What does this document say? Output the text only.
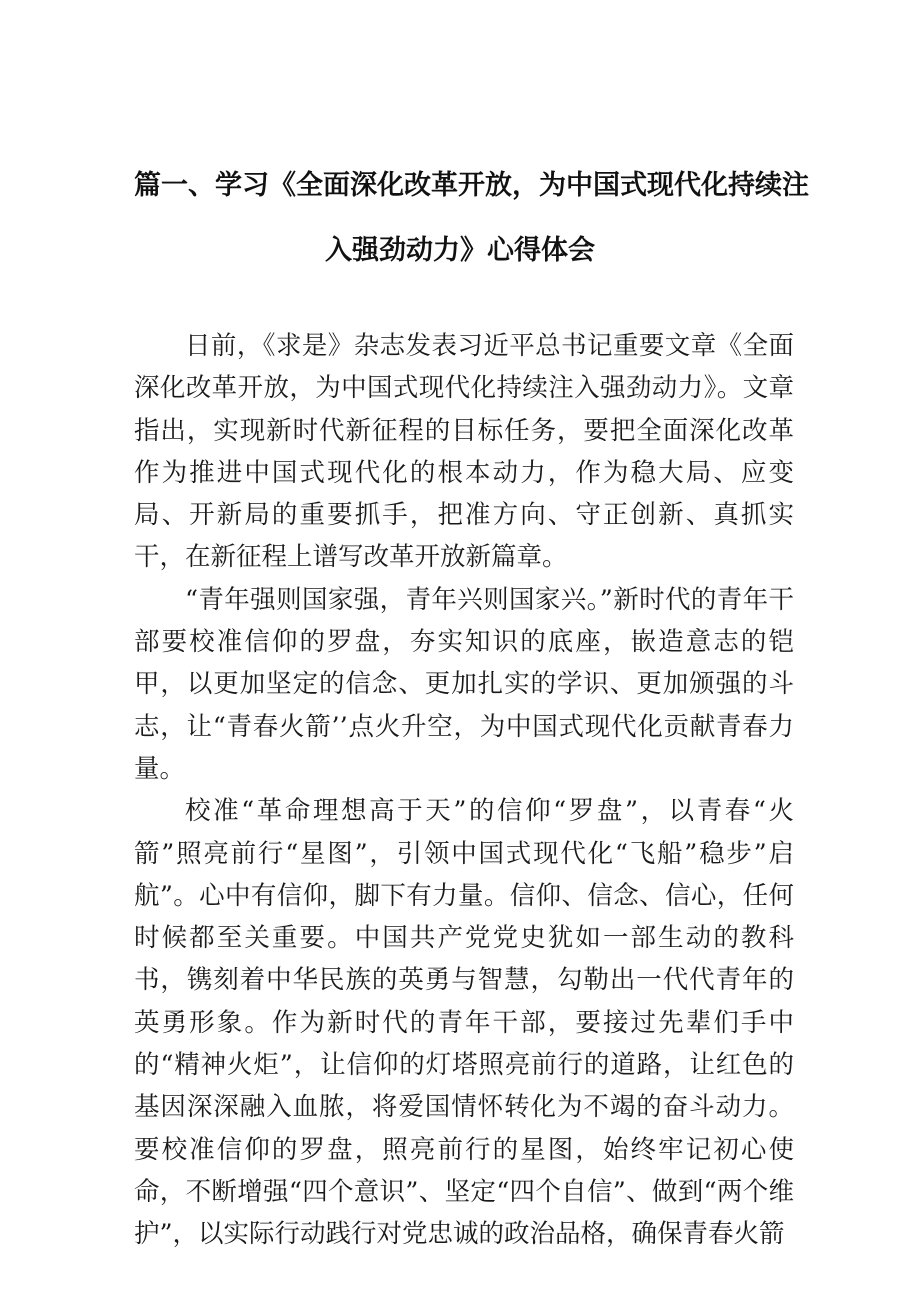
篇一、学习《全面深化改革开放，为中国式现代化持续注
入强劲动力》心得体会

日前，《求是》杂志发表习近平总书记重要文章《全面深化改革开放，为中国式现代化持续注入强劲动力》。文章指出，实现新时代新征程的目标任务，要把全面深化改革作为推进中国式现代化的根本动力，作为稳大局、应变局、开新局的重要抓手，把准方向、守正创新、真抓实干，在新征程上谱写改革开放新篇章。

“青年强则国家强，青年兴则国家兴。”新时代的青年干部要校准信仰的罗盘，夯实知识的底座，嵌造意志的铠甲，以更加坚定的信念、更加扎实的学识、更加颁强的斗志，让“青春火箭’’点火升空，为中国式现代化贡献青春力量。

校准“革命理想高于天”的信仰“罗盘”，以青春“火箭”照亮前行“星图”，引领中国式现代化“飞船”稳步”启航”。心中有信仰，脚下有力量。信仰、信念、信心，任何时候都至关重要。中国共产党党史犹如一部生动的教科书，镌刻着中华民族的英勇与智慧，勾勒出一代代青年的英勇形象。作为新时代的青年干部，要接过先辈们手中的“精神火炬”，让信仰的灯塔照亮前行的道路，让红色的基因深深融入血脓，将爱国情怀转化为不竭的奋斗动力。要校准信仰的罗盘，照亮前行的星图，始终牢记初心使命，不断增强“四个意识”、坚定“四个自信”、做到“两个维护”，以实际行动践行对党忠诚的政治品格，确保青春火箭
